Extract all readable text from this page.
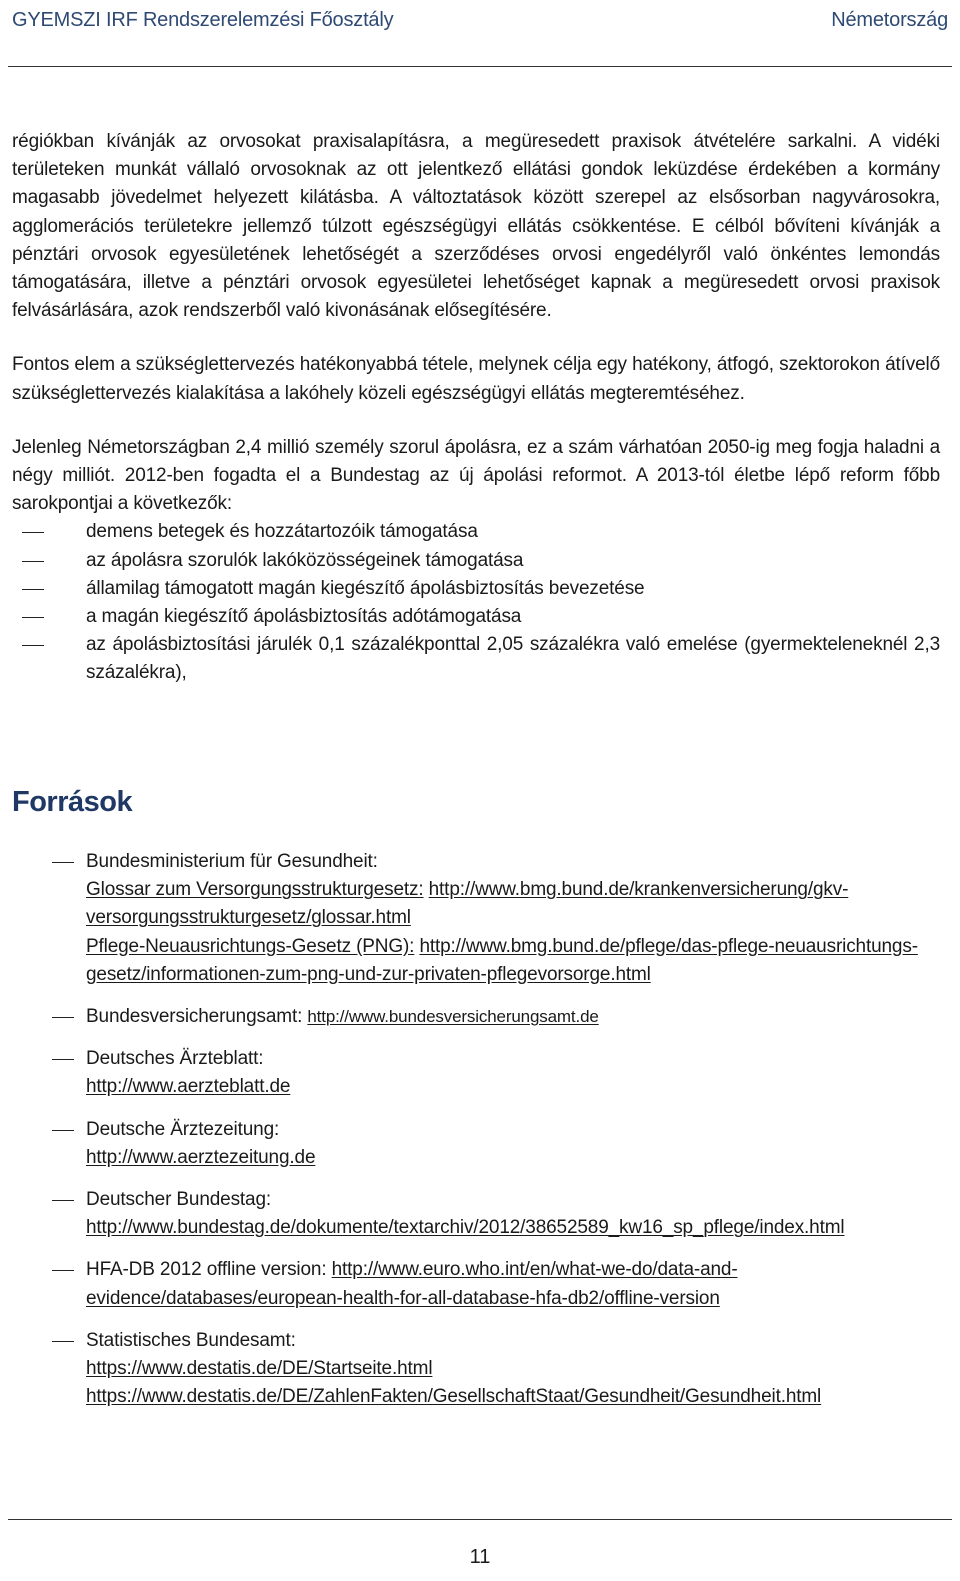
GYEMSZI IRF Rendszerelemzési Főosztály	Németország

régiókban kívánják az orvosokat praxisalapításra, a megüresedett praxisok átvételére sarkalni. A vidéki területeken munkát vállaló orvosoknak az ott jelentkező ellátási gondok leküzdése érdekében a kormány magasabb jövedelmet helyezett kilátásba. A változtatások között szerepel az elsősorban nagyvárosokra, agglomerációs területekre jellemző túlzott egészségügyi ellátás csökkentése. E célból bővíteni kívánják a pénztári orvosok egyesületének lehetőségét a szerződéses orvosi engedélyről való önkéntes lemondás támogatására, illetve a pénztári orvosok egyesületei lehetőséget kapnak a megüresedett orvosi praxisok felvásárlására, azok rendszerből való kivonásának elősegítésére.

Fontos elem a szükséglettervezés hatékonyabbá tétele, melynek célja egy hatékony, átfogó, szektorokon átívelő szükséglettervezés kialakítása a lakóhely közeli egészségügyi ellátás megteremtéséhez.

Jelenleg Németországban 2,4 millió személy szorul ápolásra, ez a szám várhatóan 2050-ig meg fogja haladni a négy milliót. 2012-ben fogadta el a Bundestag az új ápolási reformot. A 2013-tól életbe lépő reform főbb sarokpontjai a következők:

demens betegek és hozzátartozóik támogatása
az ápolásra szorulók lakóközösségeinek támogatása
államilag támogatott magán kiegészítő ápolásbiztosítás bevezetése
a magán kiegészítő ápolásbiztosítás adótámogatása
az ápolásbiztosítási járulék 0,1 százalékponttal 2,05 százalékra való emelése (gyermekteleneknél 2,3 százalékra),
Források
Bundesministerium für Gesundheit:
Glossar zum Versorgungsstrukturgesetz: http://www.bmg.bund.de/krankenversicherung/gkv-versorgungsstrukturgesetz/glossar.html
Pflege-Neuausrichtungs-Gesetz (PNG): http://www.bmg.bund.de/pflege/das-pflege-neuausrichtungs-gesetz/informationen-zum-png-und-zur-privaten-pflegevorsorge.html
Bundesversicherungsamt: http://www.bundesversicherungsamt.de
Deutsches Ärzteblatt:
http://www.aerzteblatt.de
Deutsche Ärztezeitung:
http://www.aerztezeitung.de
Deutscher Bundestag:
http://www.bundestag.de/dokumente/textarchiv/2012/38652589_kw16_sp_pflege/index.html
HFA-DB 2012 offline version: http://www.euro.who.int/en/what-we-do/data-and-evidence/databases/european-health-for-all-database-hfa-db2/offline-version
Statistisches Bundesamt:
https://www.destatis.de/DE/Startseite.html
https://www.destatis.de/DE/ZahlenFakten/GesellschaftStaat/Gesundheit/Gesundheit.html
11
